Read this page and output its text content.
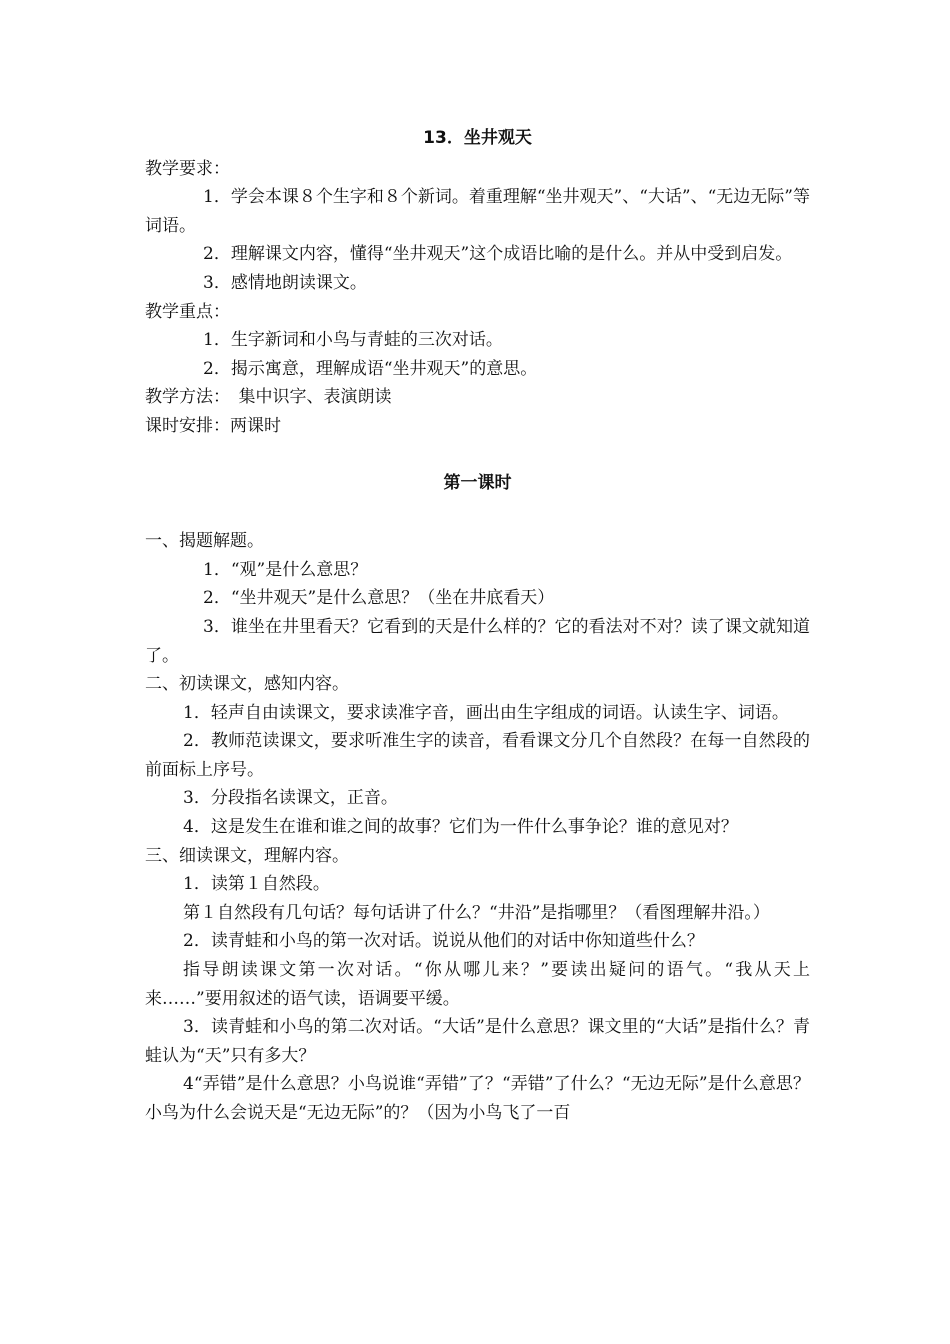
13．坐井观天

教学要求：

1．学会本课８个生字和８个新词。着重理解“坐井观天”、“大话”、“无边无际”等词语。

2．理解课文内容，懂得“坐井观天”这个成语比喻的是什么。并从中受到启发。

3．感情地朗读课文。

教学重点：

1．生字新词和小鸟与青蛙的三次对话。

2．揭示寓意，理解成语“坐井观天”的意思。

教学方法：　集中识字、表演朗读

课时安排：两课时

第一课时

一、揭题解题。

1．“观”是什么意思？

2．“坐井观天”是什么意思？（坐在井底看天）

3．谁坐在井里看天？它看到的天是什么样的？它的看法对不对？读了课文就知道了。

二、初读课文，感知内容。

1．轻声自由读课文，要求读准字音，画出由生字组成的词语。认读生字、词语。

2．教师范读课文，要求听准生字的读音，看看课文分几个自然段？在每一自然段的前面标上序号。

3．分段指名读课文，正音。

4．这是发生在谁和谁之间的故事？它们为一件什么事争论？谁的意见对？

三、细读课文，理解内容。

1．读第１自然段。

第１自然段有几句话？每句话讲了什么？“井沿”是指哪里？（看图理解井沿。）

2．读青蛙和小鸟的第一次对话。说说从他们的对话中你知道些什么？

指导朗读课文第一次对话。“你从哪儿来？”要读出疑问的语气。“我从天上来……”要用叙述的语气读，语调要平缓。

3．读青蛙和小鸟的第二次对话。“大话”是什么意思？课文里的“大话”是指什么？青蛙认为“天”只有多大？

4“弄错”是什么意思？小鸟说谁“弄错”了？“弄错”了什么？“无边无际”是什么意思？小鸟为什么会说天是“无边无际”的？（因为小鸟飞了一百
